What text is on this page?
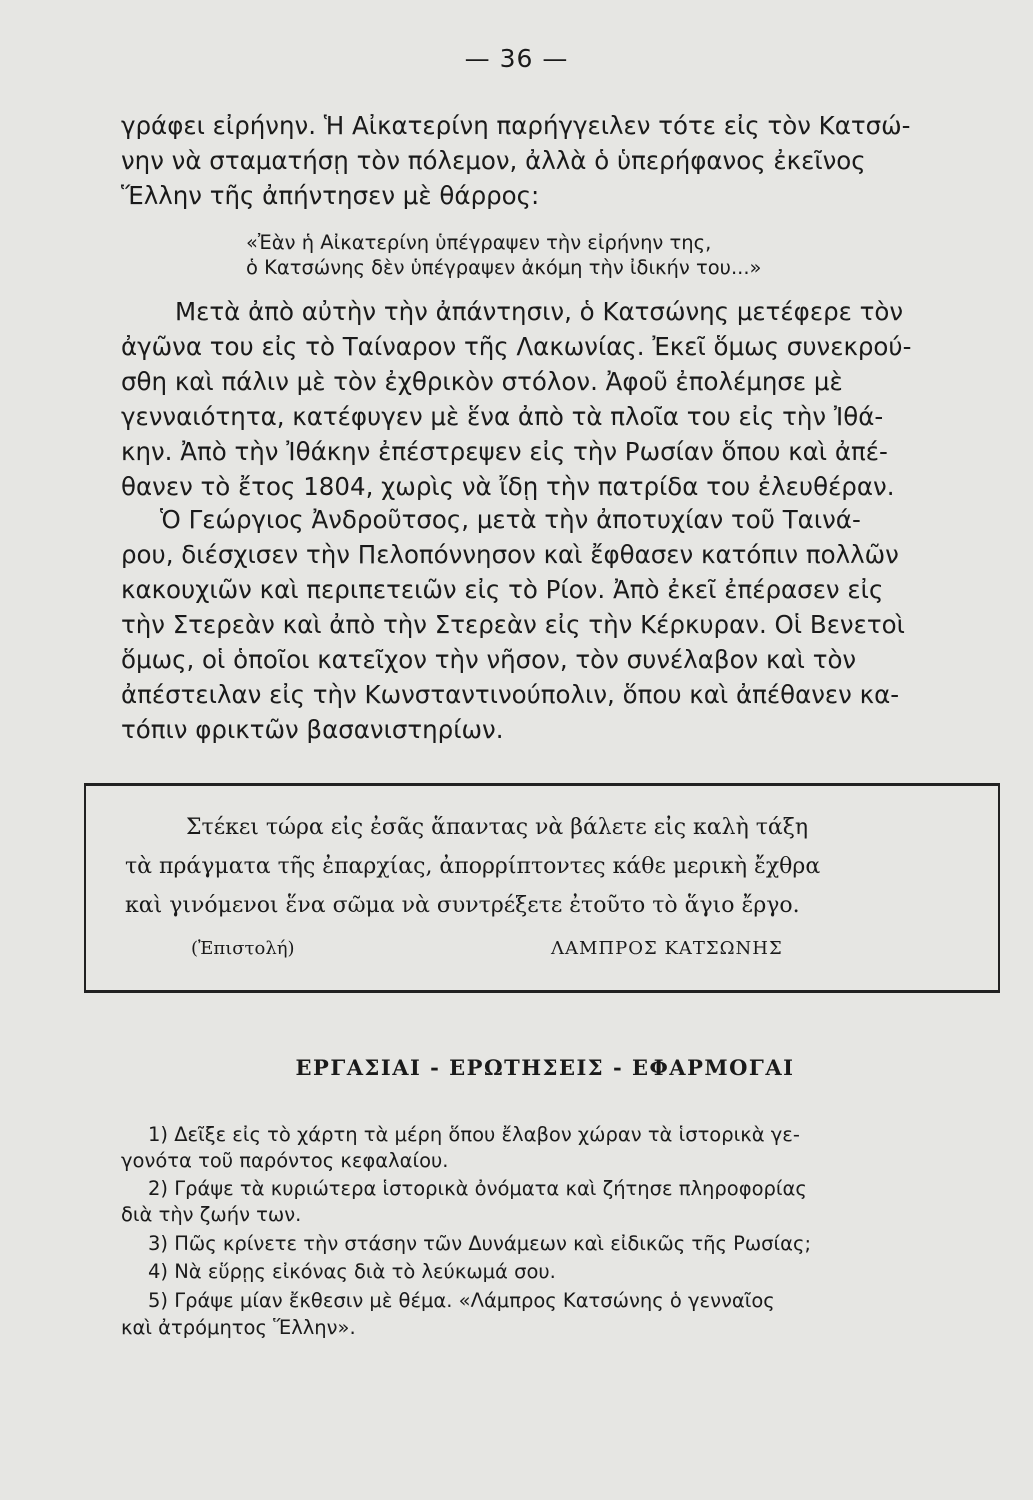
— 36 —
γράφει εἰρήνην. Ἡ Αἰκατερίνη παρήγγειλεν τότε εἰς τὸν Κατσώ-
νην νὰ σταματήσῃ τὸν πόλεμον, ἀλλὰ ὁ ὑπερήφανος ἐκεῖνος
Ἕλλην τῆς ἀπήντησεν μὲ θάρρος:
«Ἐὰν ἡ Αἰκατερίνη ὑπέγραψεν τὴν εἰρήνην της,
ὁ Κατσώνης δὲν ὑπέγραψεν ἀκόμη τὴν ἰδικήν του...»
Μετὰ ἀπὸ αὐτὴν τὴν ἀπάντησιν, ὁ Κατσώνης μετέφερε τὸν
ἀγῶνα του εἰς τὸ Ταίναρον τῆς Λακωνίας. Ἐκεῖ ὅμως συνεκρού-
σθη καὶ πάλιν μὲ τὸν ἐχθρικὸν στόλον. Ἀφοῦ ἐπολέμησε μὲ
γενναιότητα, κατέφυγεν μὲ ἕνα ἀπὸ τὰ πλοῖα του εἰς τὴν Ἰθά-
κην. Ἀπὸ τὴν Ἰθάκην ἐπέστρεψεν εἰς τὴν Ρωσίαν ὅπου καὶ ἀπέ-
θανεν τὸ ἔτος 1804, χωρὶς νὰ ἴδῃ τὴν πατρίδα του ἐλευθέραν.
Ὁ Γεώργιος Ἀνδροῦτσος, μετὰ τὴν ἀποτυχίαν τοῦ Ταινά-
ρου, διέσχισεν τὴν Πελοπόννησον καὶ ἔφθασεν κατόπιν πολλῶν
κακουχιῶν καὶ περιπετειῶν εἰς τὸ Ρίον. Ἀπὸ ἐκεῖ ἐπέρασεν εἰς
τὴν Στερεὰν καὶ ἀπὸ τὴν Στερεὰν εἰς τὴν Κέρκυραν. Οἱ Βενετοὶ
ὅμως, οἱ ὁποῖοι κατεῖχον τὴν νῆσον, τὸν συνέλαβον καὶ τὸν
ἀπέστειλαν εἰς τὴν Κωνσταντινούπολιν, ὅπου καὶ ἀπέθανεν κα-
τόπιν φρικτῶν βασανιστηρίων.
Στέκει τώρα εἰς ἐσᾶς ἅπαντας νὰ βάλετε εἰς καλὴ τάξη
τὰ πράγματα τῆς ἐπαρχίας, ἀπορρίπτοντες κάθε μερικὴ ἔχθρα
καὶ γινόμενοι ἕνα σῶμα νὰ συντρέξετε ἐτοῦτο τὸ ἅγιο ἔργο.
(Ἐπιστολή)	ΛΑΜΠΡΟΣ ΚΑΤΣΩΝΗΣ
ΕΡΓΑΣΙΑΙ - ΕΡΩΤΗΣΕΙΣ - ΕΦΑΡΜΟΓΑΙ
1) Δεῖξε εἰς τὸ χάρτη τὰ μέρη ὅπου ἔλαβον χώραν τὰ ἱστορικὰ γε-
γονότα τοῦ παρόντος κεφαλαίου.
2) Γράψε τὰ κυριώτερα ἱστορικὰ ὀνόματα καὶ ζήτησε πληροφορίας
διὰ τὴν ζωήν των.
3) Πῶς κρίνετε τὴν στάσην τῶν Δυνάμεων καὶ εἰδικῶς τῆς Ρωσίας;
4) Νὰ εὕρῃς εἰκόνας διὰ τὸ λεύκωμά σου.
5) Γράψε μίαν ἔκθεσιν μὲ θέμα. «Λάμπρος Κατσώνης ὁ γενναῖος
καὶ ἀτρόμητος Ἕλλην».
